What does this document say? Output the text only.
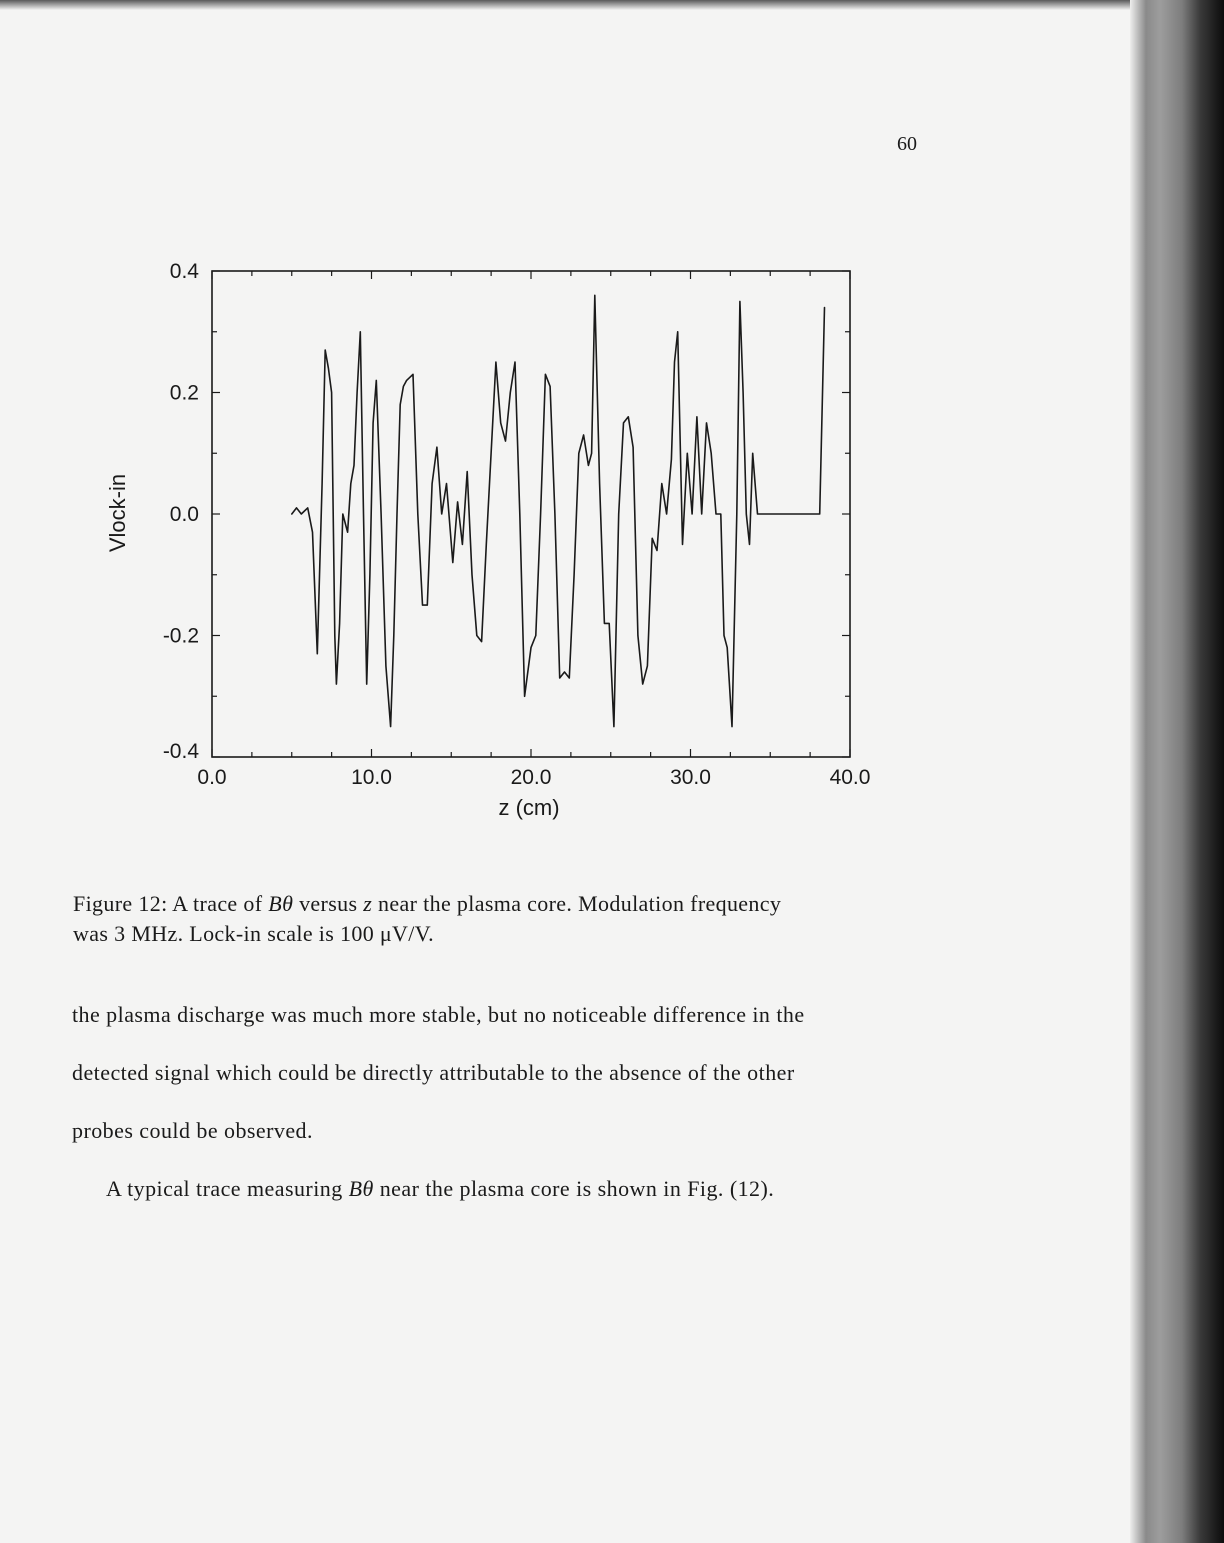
60
0.0	10.0	20.0	30.0	40.0
-0.4
-0.2
0.0
0.2
0.4
z (cm)
Vlock-in

Figure 12: A trace of Bθ versus z near the plasma core. Modulation frequency

was 3 MHz. Lock-in scale is 100 μV/V.

the plasma discharge was much more stable, but no noticeable difference in the

detected signal which could be directly attributable to the absence of the other

probes could be observed.

A typical trace measuring Bθ near the plasma core is shown in Fig. (12).
